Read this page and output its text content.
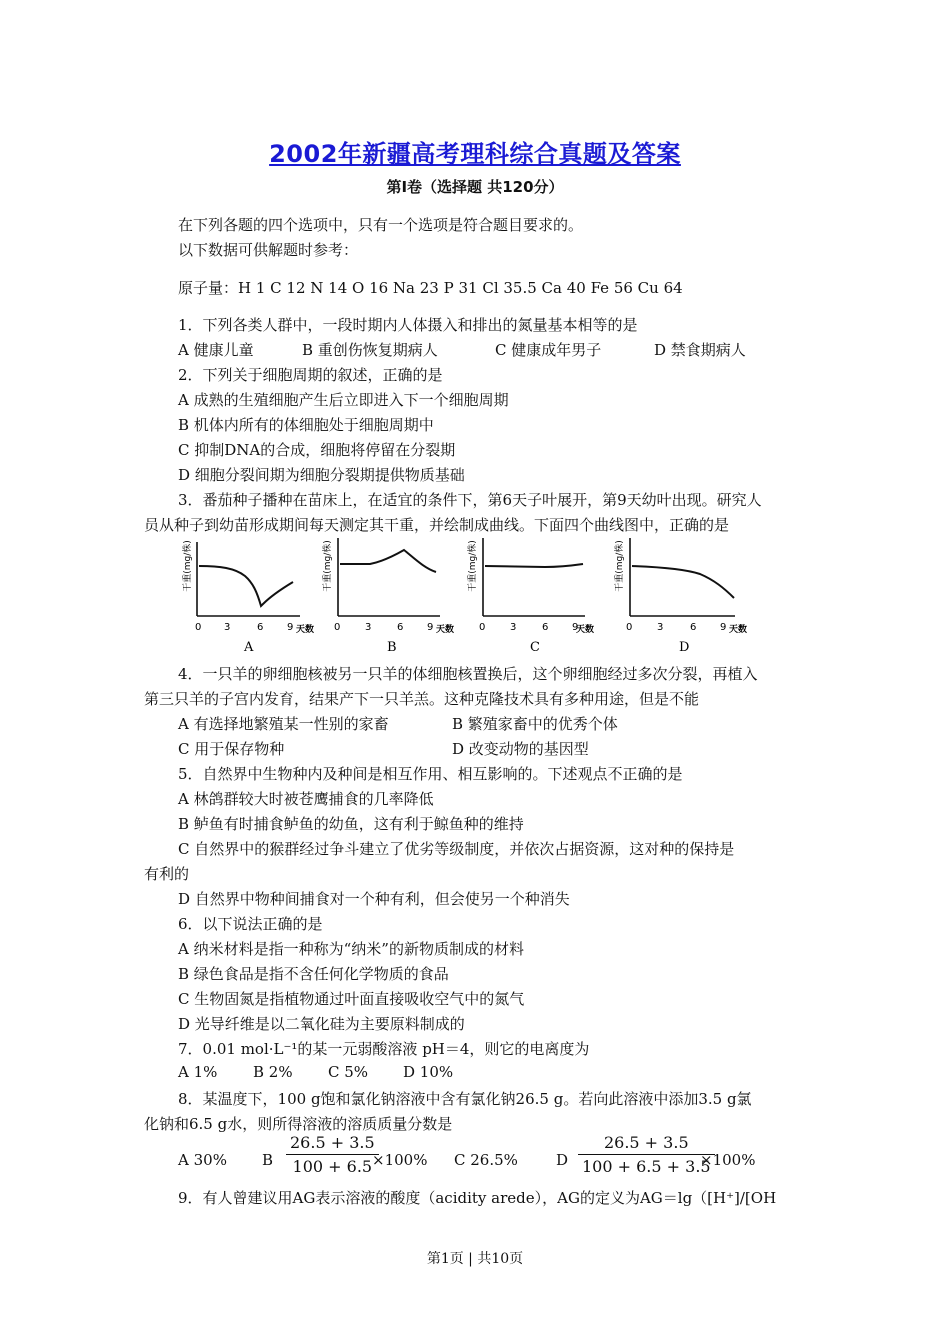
2002年新疆高考理科综合真题及答案
第Ⅰ卷（选择题 共120分）
在下列各题的四个选项中，只有一个选项是符合题目要求的。
以下数据可供解题时参考：
原子量：H 1 C 12 N 14 O 16 Na 23 P 31 Cl 35.5 Ca 40 Fe 56 Cu 64
1．下列各类人群中，一段时期内人体摄入和排出的氮量基本相等的是
A 健康儿童	B 重创伤恢复期病人	C 健康成年男子	D 禁食期病人
2．下列关于细胞周期的叙述，正确的是
A 成熟的生殖细胞产生后立即进入下一个细胞周期
B 机体内所有的体细胞处于细胞周期中
C 抑制DNA的合成，细胞将停留在分裂期
D 细胞分裂间期为细胞分裂期提供物质基础
3．番茄种子播种在苗床上，在适宜的条件下，第6天子叶展开，第9天幼叶出现。研究人
员从种子到幼苗形成期间每天测定其干重，并绘制成曲线。下面四个曲线图中，正确的是
干重(mg/株)
0 3	6 9 天数
A
干重(mg/株)
0 3	6 9 天数
B
干重(mg/株)
0 3	6 9
天数
C
干重(mg/株)
0 3	6 9 天数
D
4．一只羊的卵细胞核被另一只羊的体细胞核置换后，这个卵细胞经过多次分裂，再植入
第三只羊的子宫内发育，结果产下一只羊羔。这种克隆技术具有多种用途，但是不能
A 有选择地繁殖某一性别的家畜	B 繁殖家畜中的优秀个体
C 用于保存物种	D 改变动物的基因型
5．自然界中生物种内及种间是相互作用、相互影响的。下述观点不正确的是
A 林鸽群较大时被苍鹰捕食的几率降低
B 鲈鱼有时捕食鲈鱼的幼鱼，这有利于鲸鱼种的维持
C 自然界中的猴群经过争斗建立了优劣等级制度，并依次占据资源，这对种的保持是
有利的
D 自然界中物种间捕食对一个种有利，但会使另一个种消失
6．以下说法正确的是
A 纳米材料是指一种称为“纳米”的新物质制成的材料
B 绿色食品是指不含任何化学物质的食品
C 生物固氮是指植物通过叶面直接吸收空气中的氮气
D 光导纤维是以二氧化硅为主要原料制成的
7．0.01 mol·L⁻¹的某一元弱酸溶液 pH＝4，则它的电离度为
A 1% B 2% C 5% D 10%
8．某温度下，100 g饱和氯化钠溶液中含有氯化钠26.5 g。若向此溶液中添加3.5 g氯
化钠和6.5 g水，则所得溶液的溶质质量分数是
A 30% B
26.5 + 3.5
100 + 6.5 ×100% C 26.5%	D
26.5 + 3.5
100 + 6.5 + 3.5
×100%
9．有人曾建议用AG表示溶液的酸度（acidity arede），AG的定义为AG＝lg（[H⁺]/[OH
第1页 | 共10页
